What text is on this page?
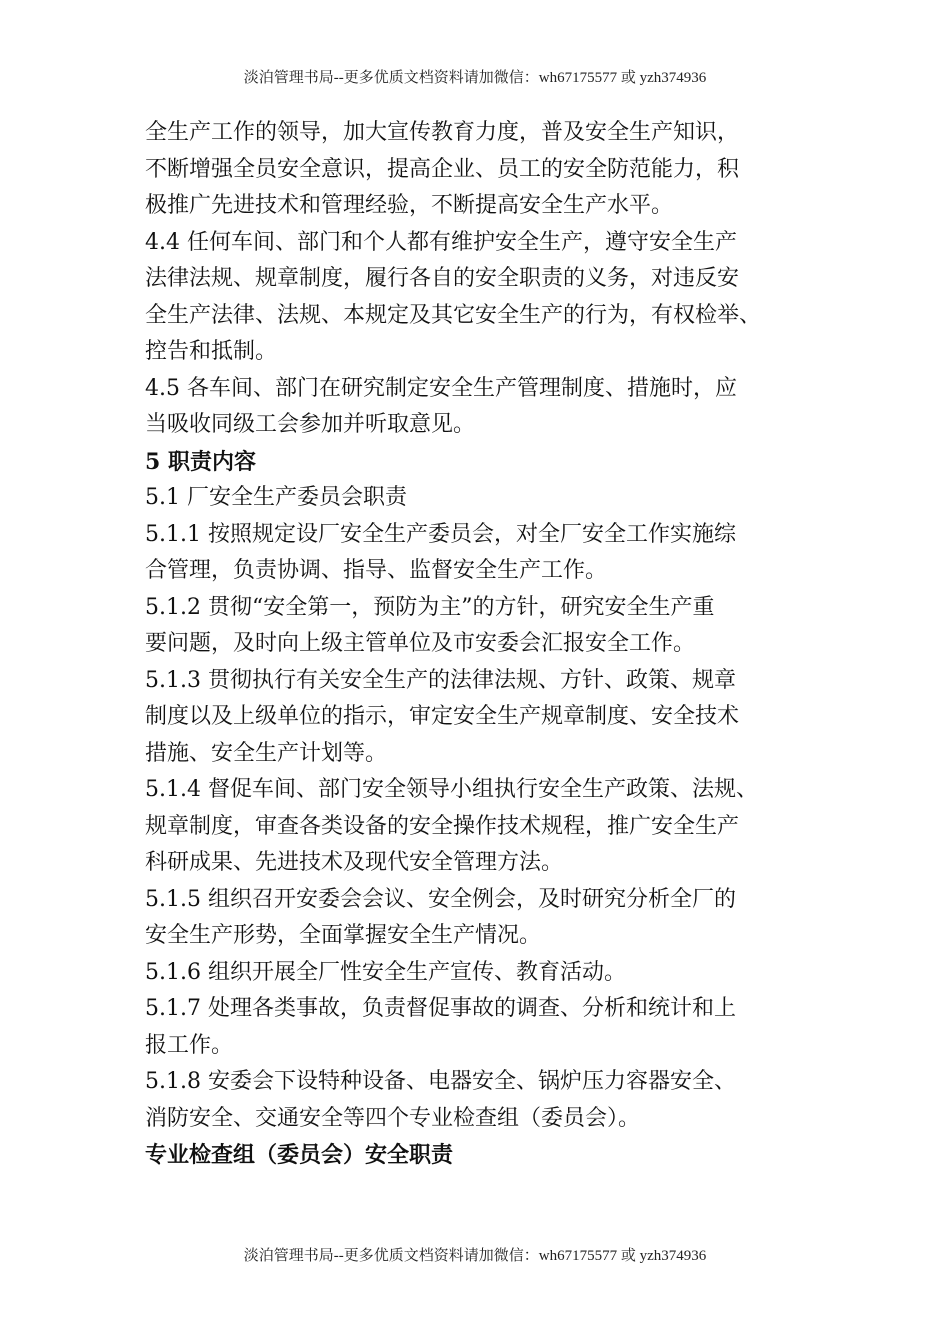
淡泊管理书局--更多优质文档资料请加微信：wh67175577 或 yzh374936

全生产工作的领导，加大宣传教育力度，普及安全生产知识，

不断增强全员安全意识，提高企业、员工的安全防范能力，积

极推广先进技术和管理经验，不断提高安全生产水平。

4.4 任何车间、部门和个人都有维护安全生产，遵守安全生产

法律法规、规章制度，履行各自的安全职责的义务，对违反安

全生产法律、法规、本规定及其它安全生产的行为，有权检举、

控告和抵制。

4.5 各车间、部门在研究制定安全生产管理制度、措施时，应

当吸收同级工会参加并听取意见。

5 职责内容

5.1 厂安全生产委员会职责

5.1.1 按照规定设厂安全生产委员会，对全厂安全工作实施综

合管理，负责协调、指导、监督安全生产工作。

5.1.2 贯彻“安全第一，预防为主”的方针，研究安全生产重

要问题，及时向上级主管单位及市安委会汇报安全工作。

5.1.3 贯彻执行有关安全生产的法律法规、方针、政策、规章

制度以及上级单位的指示，审定安全生产规章制度、安全技术

措施、安全生产计划等。

5.1.4 督促车间、部门安全领导小组执行安全生产政策、法规、

规章制度，审查各类设备的安全操作技术规程，推广安全生产

科研成果、先进技术及现代安全管理方法。

5.1.5 组织召开安委会会议、安全例会，及时研究分析全厂的

安全生产形势，全面掌握安全生产情况。

5.1.6 组织开展全厂性安全生产宣传、教育活动。

5.1.7 处理各类事故，负责督促事故的调查、分析和统计和上

报工作。

5.1.8 安委会下设特种设备、电器安全、锅炉压力容器安全、

消防安全、交通安全等四个专业检查组（委员会）。

专业检查组（委员会）安全职责

淡泊管理书局--更多优质文档资料请加微信：wh67175577 或 yzh374936
